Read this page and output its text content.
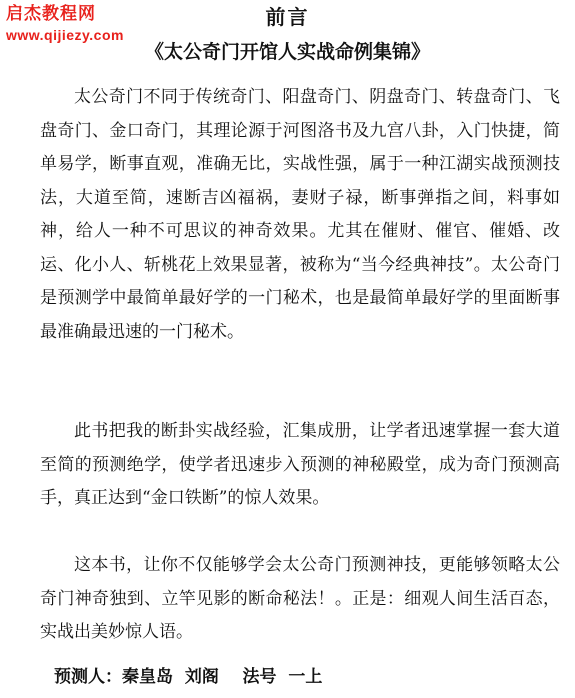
启杰教程网
www.qijiezy.com
前言
《太公奇门开馆人实战命例集锦》

太公奇门不同于传统奇门、阳盘奇门、阴盘奇门、转盘奇门、飞盘奇门、金口奇门，其理论源于河图洛书及九宫八卦，入门快捷，简单易学，断事直观，准确无比，实战性强，属于一种江湖实战预测技法，大道至简，速断吉凶福祸，妻财子禄，断事弹指之间，料事如神，给人一种不可思议的神奇效果。尤其在催财、催官、催婚、改运、化小人、斩桃花上效果显著，被称为“当今经典神技”。太公奇门是预测学中最简单最好学的一门秘术，也是最简单最好学的里面断事最准确最迅速的一门秘术。

此书把我的断卦实战经验，汇集成册，让学者迅速掌握一套大道至简的预测绝学，使学者迅速步入预测的神秘殿堂，成为奇门预测高手，真正达到“金口铁断”的惊人效果。

这本书，让你不仅能够学会太公奇门预测神技，更能够领略太公奇门神奇独到、立竿见影的断命秘法！。正是：细观人间生活百态，实战出美妙惊人语。

预测人：秦皇岛  刘阁    法号  一上
